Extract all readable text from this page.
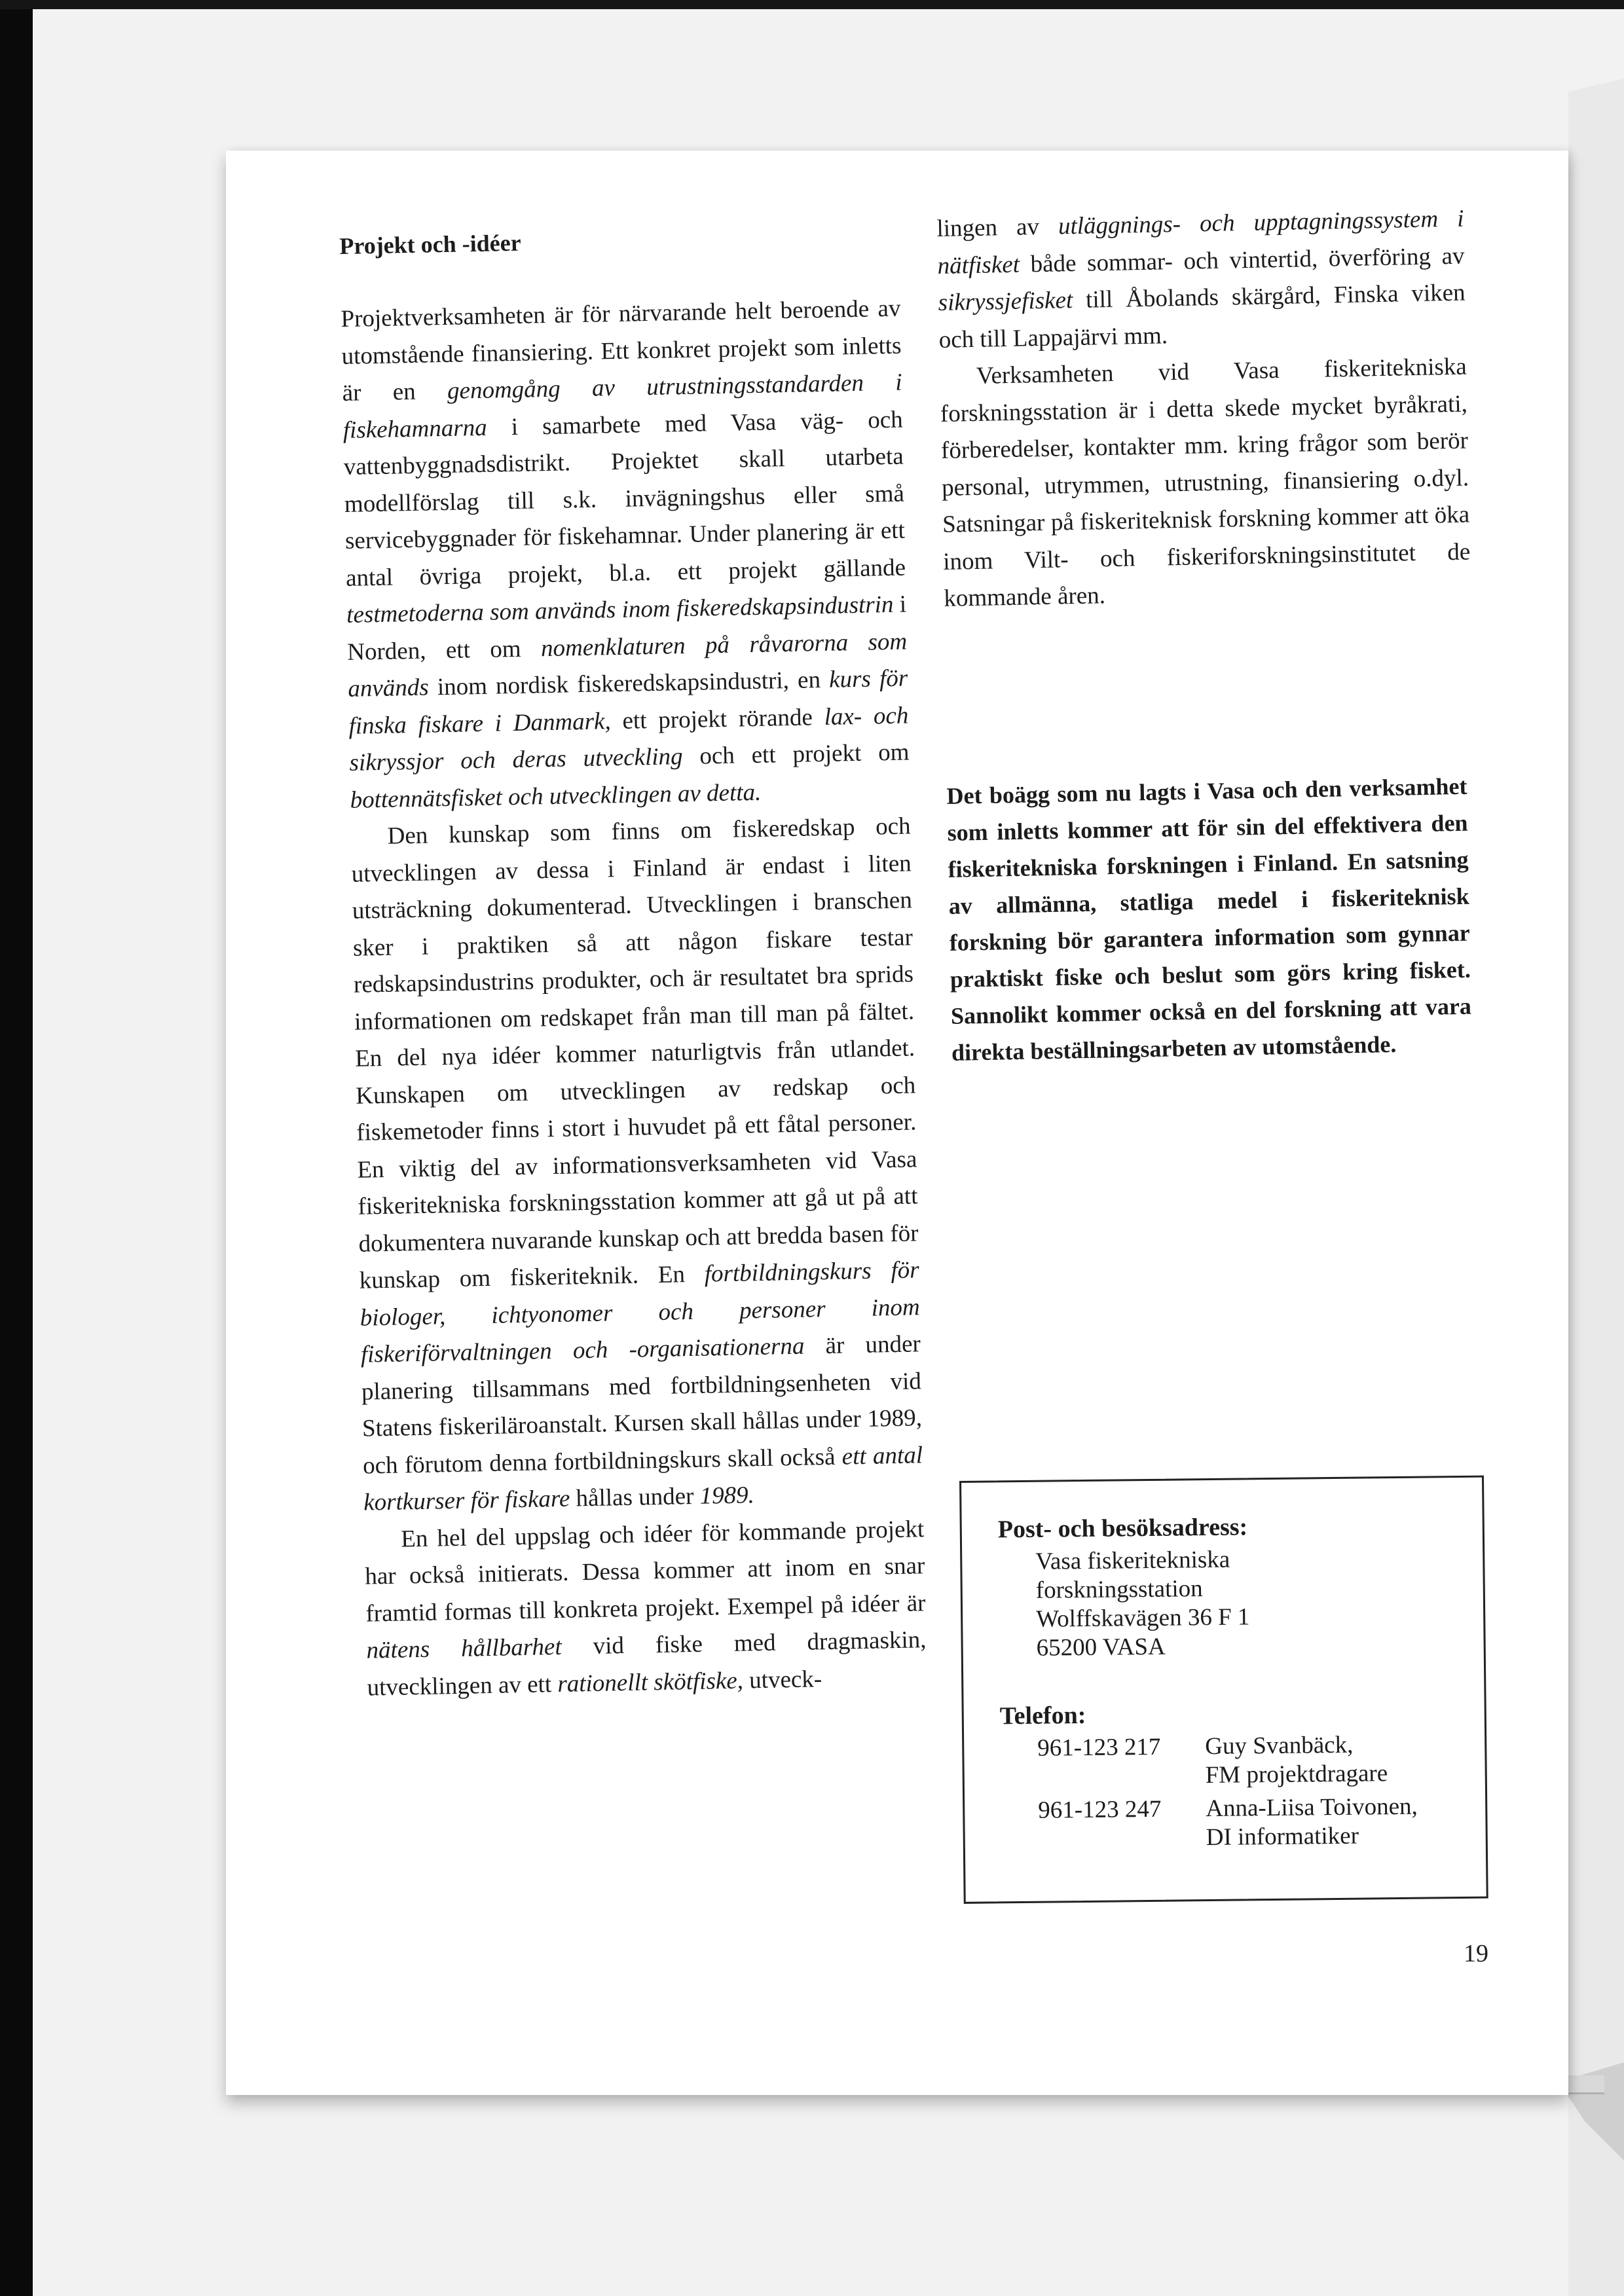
Projekt och -idéer

Projektverksamheten är för närvarande helt beroende av utomstående finansiering. Ett konkret projekt som inletts är en genomgång av utrustningsstandarden i fiskehamnarna i samarbete med Vasa väg- och vattenbyggnadsdistrikt. Projektet skall utarbeta modellförslag till s.k. invägningshus eller små servicebyggnader för fiskehamnar. Under planering är ett antal övriga projekt, bl.a. ett projekt gällande testmetoderna som används inom fiskeredskapsindustrin i Norden, ett om nomenklaturen på råvarorna som används inom nordisk fiskeredskapsindustri, en kurs för finska fiskare i Danmark, ett projekt rörande lax- och sikryssjor och deras utveckling och ett projekt om bottennätsfisket och utvecklingen av detta.

Den kunskap som finns om fiskeredskap och utvecklingen av dessa i Finland är endast i liten utsträckning dokumenterad. Utvecklingen i branschen sker i praktiken så att någon fiskare testar redskapsindustrins produkter, och är resultatet bra sprids informationen om redskapet från man till man på fältet. En del nya idéer kommer naturligtvis från utlandet. Kunskapen om utvecklingen av redskap och fiskemetoder finns i stort i huvudet på ett fåtal personer. En viktig del av informationsverksamheten vid Vasa fiskeritekniska forskningsstation kommer att gå ut på att dokumentera nuvarande kunskap och att bredda basen för kunskap om fiskeriteknik. En fortbildningskurs för biologer, ichtyonomer och personer inom fiskeriförvaltningen och -organisationerna är under planering tillsammans med fortbildningsenheten vid Statens fiskeriläroanstalt. Kursen skall hållas under 1989, och förutom denna fortbildningskurs skall också ett antal kortkurser för fiskare hållas under 1989.

En hel del uppslag och idéer för kommande projekt har också initierats. Dessa kommer att inom en snar framtid formas till konkreta projekt. Exempel på idéer är nätens hållbarhet vid fiske med dragmaskin, utvecklingen av ett rationellt skötfiske, utveck-

lingen av utläggnings- och upptagningssystem i nätfisket både sommar- och vintertid, överföring av sikryssjefisket till Åbolands skärgård, Finska viken och till Lappajärvi mm.

Verksamheten vid Vasa fiskeritekniska forskningsstation är i detta skede mycket byråkrati, förberedelser, kontakter mm. kring frågor som berör personal, utrymmen, utrustning, finansiering o.dyl. Satsningar på fiskeriteknisk forskning kommer att öka inom Vilt- och fiskeriforskningsinstitutet de kommande åren.

Det boägg som nu lagts i Vasa och den verksamhet som inletts kommer att för sin del effektivera den fiskeritekniska forskningen i Finland. En satsning av allmänna, statliga medel i fiskeriteknisk forskning bör garantera information som gynnar praktiskt fiske och beslut som görs kring fisket. Sannolikt kommer också en del forskning att vara direkta beställningsarbeten av utomstående.
Post- och besöksadress:
Vasa fiskeritekniska
forskningsstation
Wolffskavägen 36 F 1
65200 VASA
Telefon:
961-123 217 Guy Svanbäck,
FM projektdragare
961-123 247 Anna-Liisa Toivonen,
DI informatiker
19
